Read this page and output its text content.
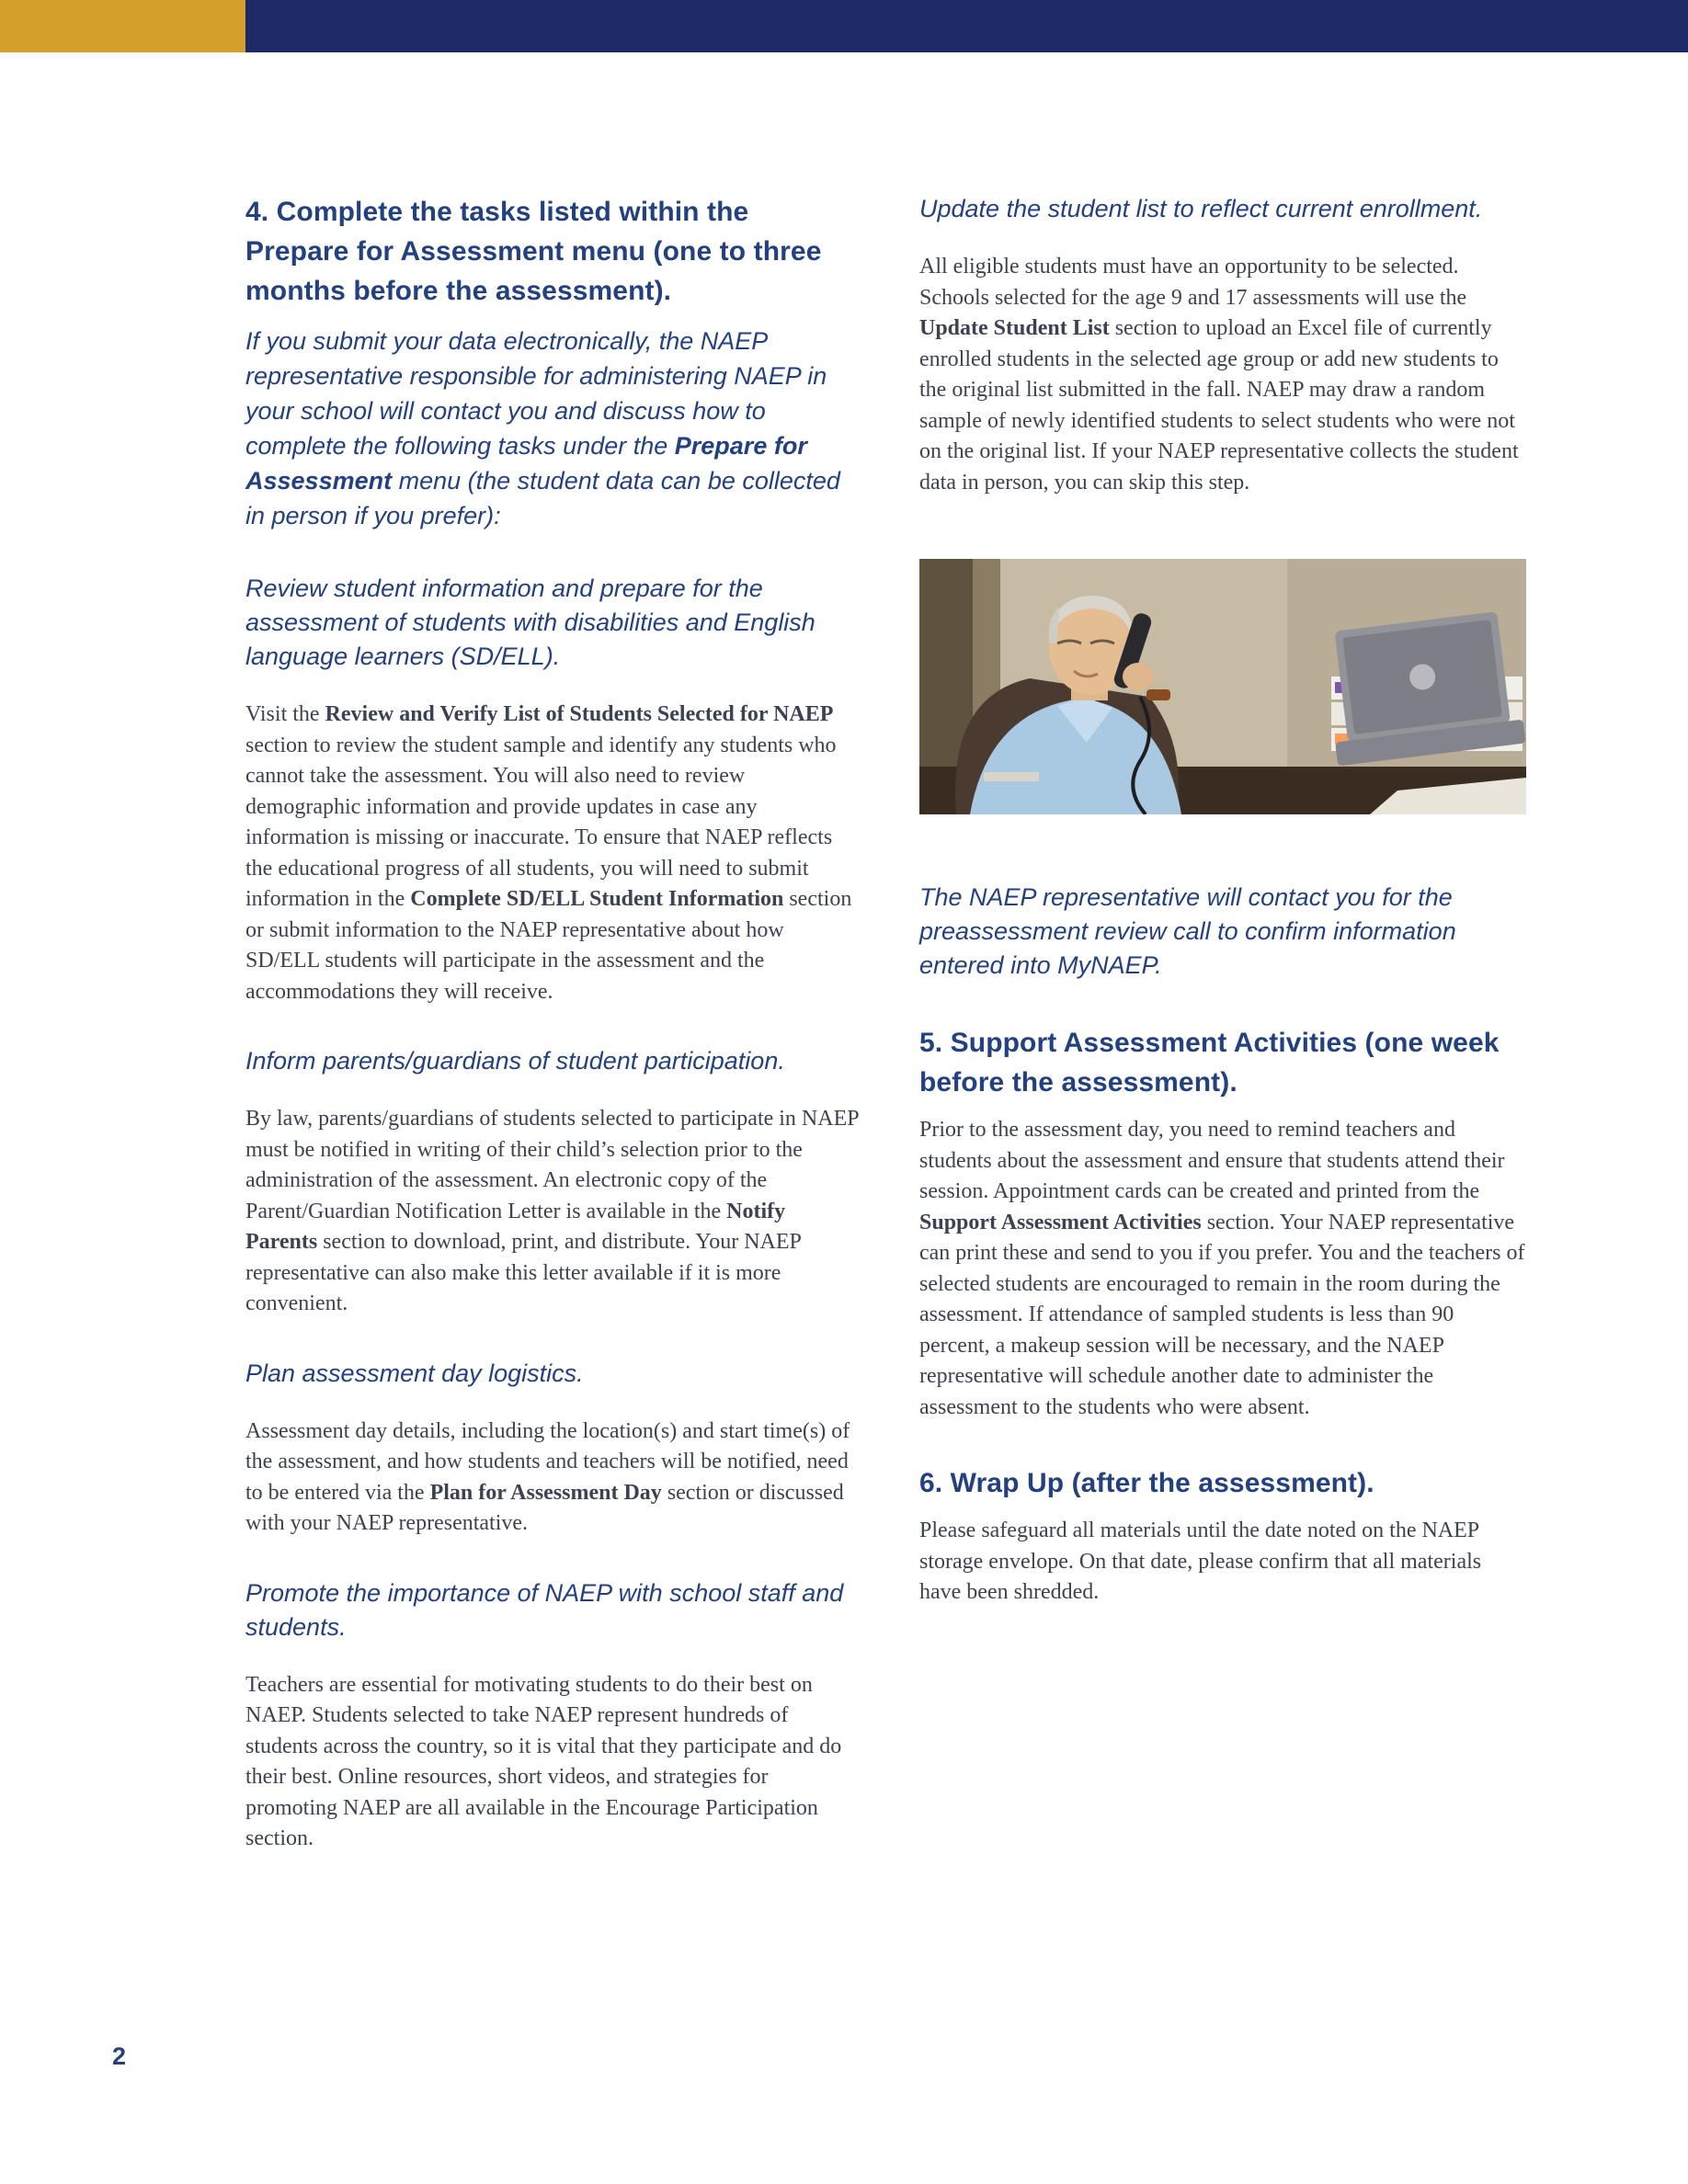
4. Complete the tasks listed within the Prepare for Assessment menu (one to three months before the assessment).

If you submit your data electronically, the NAEP representative responsible for administering NAEP in your school will contact you and discuss how to complete the following tasks under the Prepare for Assessment menu (the student data can be collected in person if you prefer):

Review student information and prepare for the assessment of students with disabilities and English language learners (SD/ELL).

Visit the Review and Verify List of Students Selected for NAEP section to review the student sample and identify any students who cannot take the assessment. You will also need to review demographic information and provide updates in case any information is missing or inaccurate. To ensure that NAEP reflects the educational progress of all students, you will need to submit information in the Complete SD/ELL Student Information section or submit information to the NAEP representative about how SD/ELL students will participate in the assessment and the accommodations they will receive.

Inform parents/guardians of student participation.

By law, parents/guardians of students selected to participate in NAEP must be notified in writing of their child’s selection prior to the administration of the assessment. An electronic copy of the Parent/Guardian Notification Letter is available in the Notify Parents section to download, print, and distribute. Your NAEP representative can also make this letter available if it is more convenient.

Plan assessment day logistics.

Assessment day details, including the location(s) and start time(s) of the assessment, and how students and teachers will be notified, need to be entered via the Plan for Assessment Day section or discussed with your NAEP representative.

Promote the importance of NAEP with school staff and students.

Teachers are essential for motivating students to do their best on NAEP. Students selected to take NAEP represent hundreds of students across the country, so it is vital that they participate and do their best. Online resources, short videos, and strategies for promoting NAEP are all available in the Encourage Participation section.

Update the student list to reflect current enrollment.

All eligible students must have an opportunity to be selected. Schools selected for the age 9 and 17 assessments will use the Update Student List section to upload an Excel file of currently enrolled students in the selected age group or add new students to the original list submitted in the fall. NAEP may draw a random sample of newly identified students to select students who were not on the original list. If your NAEP representative collects the student data in person, you can skip this step.

The NAEP representative will contact you for the preassessment review call to confirm information entered into MyNAEP.

5. Support Assessment Activities (one week before the assessment).

Prior to the assessment day, you need to remind teachers and students about the assessment and ensure that students attend their session. Appointment cards can be created and printed from the Support Assessment Activities section. Your NAEP representative can print these and send to you if you prefer. You and the teachers of selected students are encouraged to remain in the room during the assessment. If attendance of sampled students is less than 90 percent, a makeup session will be necessary, and the NAEP representative will schedule another date to administer the assessment to the students who were absent.

6. Wrap Up (after the assessment).

Please safeguard all materials until the date noted on the NAEP storage envelope. On that date, please confirm that all materials have been shredded.

2
